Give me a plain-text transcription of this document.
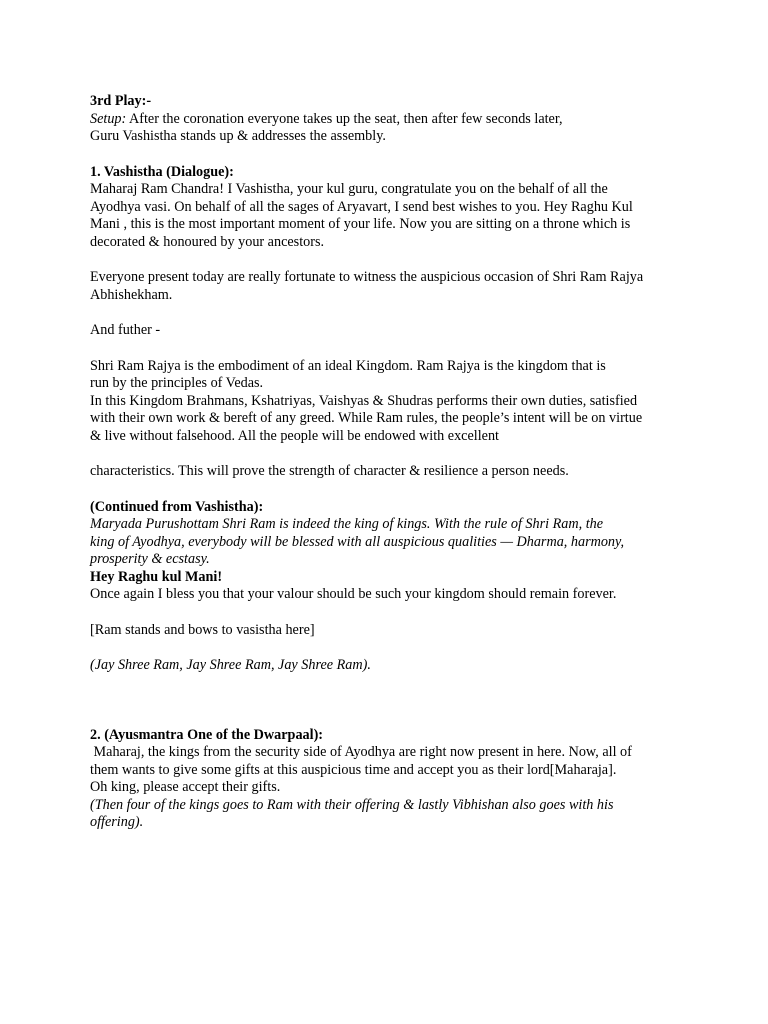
3rd Play:-
Setup: After the coronation everyone takes up the seat, then after few seconds later,
Guru Vashistha stands up & addresses the assembly.
1. Vashistha (Dialogue):
Maharaj Ram Chandra! I Vashistha, your kul guru, congratulate you on the behalf of all the
Ayodhya vasi. On behalf of all the sages of Aryavart, I send best wishes to you. Hey Raghu Kul
Mani , this is the most important moment of your life. Now you are sitting on a throne which is
decorated & honoured by your ancestors.
Everyone present today are really fortunate to witness the auspicious occasion of Shri Ram Rajya
Abhishekham.
And futher -
Shri Ram Rajya is the embodiment of an ideal Kingdom. Ram Rajya is the kingdom that is
run by the principles of Vedas.
In this Kingdom Brahmans, Kshatriyas, Vaishyas & Shudras performs their own duties, satisfied
with their own work & bereft of any greed. While Ram rules, the people’s intent will be on virtue
& live without falsehood. All the people will be endowed with excellent
characteristics. This will prove the strength of character & resilience a person needs.
(Continued from Vashistha):
Maryada Purushottam Shri Ram is indeed the king of kings. With the rule of Shri Ram, the
king of Ayodhya, everybody will be blessed with all auspicious qualities — Dharma, harmony,
prosperity & ecstasy.
Hey Raghu kul Mani!
Once again I bless you that your valour should be such your kingdom should remain forever.
[Ram stands and bows to vasistha here]
(Jay Shree Ram, Jay Shree Ram, Jay Shree Ram).
2. (Ayusmantra One of the Dwarpaal):
Maharaj, the kings from the security side of Ayodhya are right now present in here. Now, all of
them wants to give some gifts at this auspicious time and accept you as their lord[Maharaja].
Oh king, please accept their gifts.
(Then four of the kings goes to Ram with their offering & lastly Vibhishan also goes with his
offering).
